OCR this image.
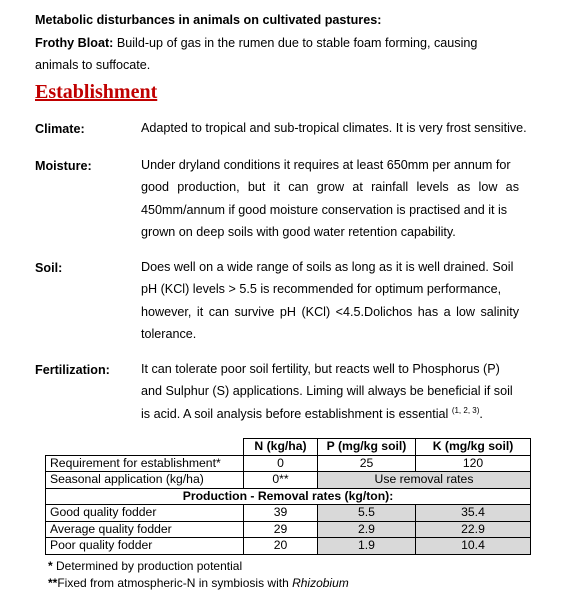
Metabolic disturbances in animals on cultivated pastures:
Frothy Bloat: Build-up of gas in the rumen due to stable foam forming, causing
animals to suffocate.
Establishment
Climate:	Adapted to tropical and sub-tropical climates. It is very frost sensitive.
Moisture:	Under dryland conditions it requires at least 650mm per annum for
good production, but it can grow at rainfall levels as low as
450mm/annum if good moisture conservation is practised and it is
grown on deep soils with good water retention capability.
Soil:	Does well on a wide range of soils as long as it is well drained. Soil
pH (KCl) levels > 5.5 is recommended for optimum performance,
however, it can survive pH (KCl) <4.5.Dolichos has a low salinity
tolerance.
Fertilization: It can tolerate poor soil fertility, but reacts well to Phosphorus (P)
and Sulphur (S) applications. Liming will always be beneficial if soil
is acid. A soil analysis before establishment is essential $^{(1, 2, 3)}$.
	N (kg/ha)	P (mg/kg soil)	K (mg/kg soil)
Requirement for establishment*	0	25	120
Seasonal application (kg/ha)	0**	Use removal rates	
Production - Removal rates (kg/ton):			
Good quality fodder	39	5.5	35.4
Average quality fodder	29	2.9	22.9
Poor quality fodder	20	1.9	10.4
* Determined by production potential
**Fixed from atmospheric-N in symbiosis with Rhizobium
